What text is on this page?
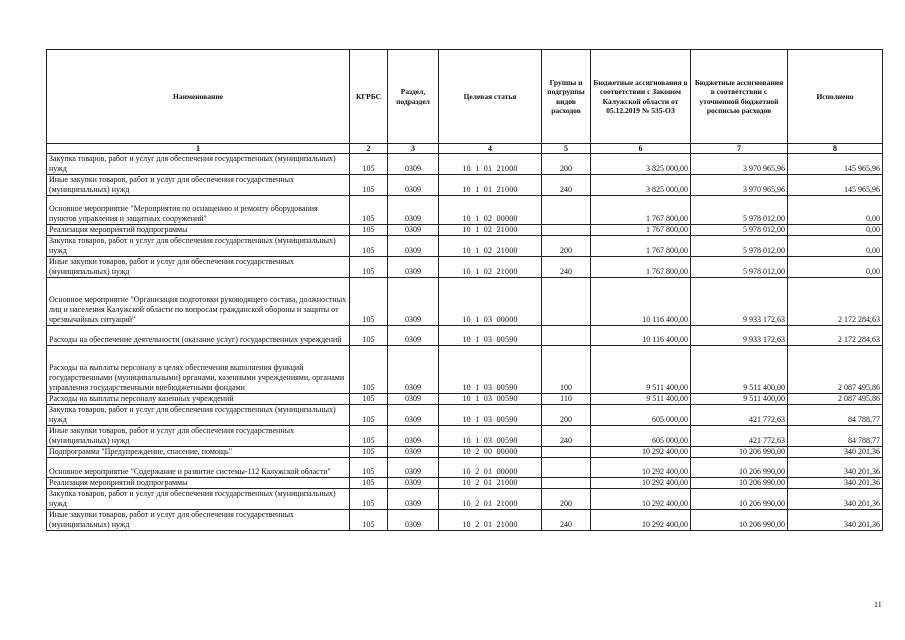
Наименование	КГРБС	Раздел, подраздел	Целевая статья	Группы и подгруппы видов расходов	Бюджетные ассигнования в соответствии с Законом Калужской области от 05.12.2019 № 535-ОЗ	Бюджетные ассигнования в соответствии с уточненной бюджетной росписью расходов	Исполнено
1	2	3	4	5	6	7	8
Закупка товаров, работ и услуг для обеспечения государственных (муниципальных) нужд	105	0309	10  1  01  21000	200	3 825 000,00	3 970 965,96	145 965,96
Иные закупки товаров, работ и услуг для обеспечения государственных (муниципальных) нужд	105	0309	10  1  01  21000	240	3 825 000,00	3 970 965,96	145 965,96
Основное мероприятие "Мероприятия по оснащению и ремонту оборудования пунктов управления и защитных сооружений"	105	0309	10  1  02  00000		1 767 800,00	5 978 012,00	0,00
Реализация мероприятий подпрограммы	105	0309	10  1  02  21000		1 767 800,00	5 978 012,00	0,00
Закупка товаров, работ и услуг для обеспечения государственных (муниципальных) нужд	105	0309	10  1  02  21000	200	1 767 800,00	5 978 012,00	0,00
Иные закупки товаров, работ и услуг для обеспечения государственных (муниципальных) нужд	105	0309	10  1  02  21000	240	1 767 800,00	5 978 012,00	0,00
Основное мероприятие "Организация подготовки руководящего состава, должностных лиц и населения Калужской области по вопросам гражданской обороны и защиты от чрезвычайных ситуаций"	105	0309	10  1  03  00000		10 116 400,00	9 933 172,63	2 172 284,63
Расходы на обеспечение деятельности (оказание услуг) государственных учреждений	105	0309	10  1  03  00590		10 116 400,00	9 933 172,63	2 172 284,63
Расходы на выплаты персоналу в целях обеспечения выполнения функций государственными (муниципальными) органами, казенными учреждениями, органами управления государственными внебюджетными фондами	105	0309	10  1  03  00590	100	9 511 400,00	9 511 400,00	2 087 495,86
Расходы на выплаты персоналу казенных учреждений	105	0309	10  1  03  00590	110	9 511 400,00	9 511 400,00	2 087 495,86
Закупка товаров, работ и услуг для обеспечения государственных (муниципальных) нужд	105	0309	10  1  03  00590	200	605 000,00	421 772,63	84 788,77
Иные закупки товаров, работ и услуг для обеспечения государственных (муниципальных) нужд	105	0309	10  1  03  00590	240	605 000,00	421 772,63	84 788,77
Подпрограмма "Предупреждение, спасение, помощь"	105	0309	10  2  00  00000		10 292 400,00	10 206 990,00	340 201,36
Основное мероприятие "Содержание и развитие системы-112 Калужской области"	105	0309	10  2  01  00000		10 292 400,00	10 206 990,00	340 201,36
Реализация мероприятий подпрограммы	105	0309	10  2  01  21000		10 292 400,00	10 206 990,00	340 201,36
Закупка товаров, работ и услуг для обеспечения государственных (муниципальных) нужд	105	0309	10  2  01  21000	200	10 292 400,00	10 206 990,00	340 201,36
Иные закупки товаров, работ и услуг для обеспечения государственных (муниципальных) нужд	105	0309	10  2  01  21000	240	10 292 400,00	10 206 990,00	340 201,36
11
